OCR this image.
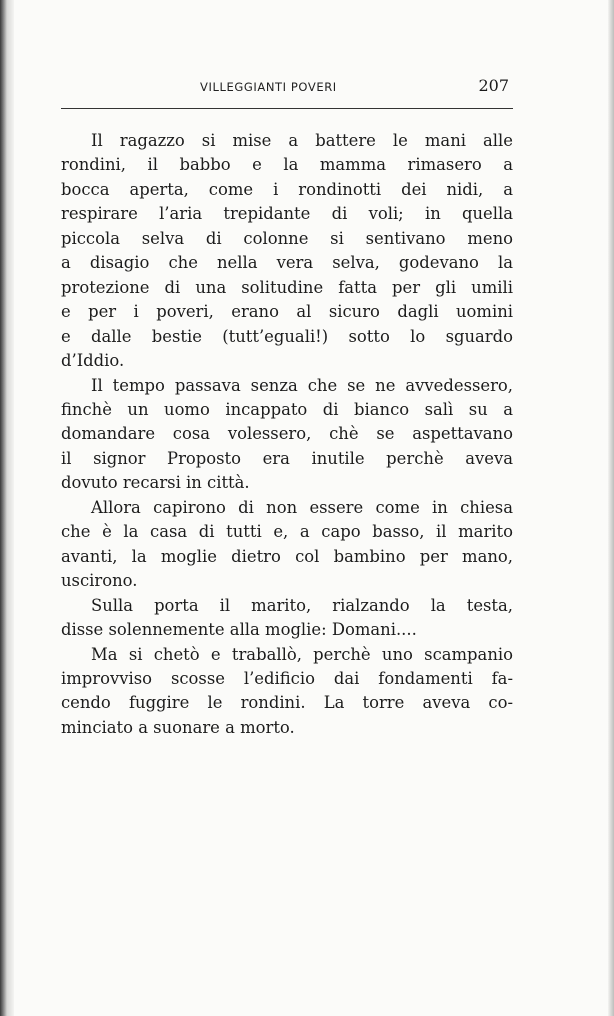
VILLEGGIANTI POVERI	207

Il ragazzo si mise a battere le mani alle
rondini, il babbo e la mamma rimasero a
bocca aperta, come i rondinotti dei nidi, a
respirare l’aria trepidante di voli; in quella
piccola selva di colonne si sentivano meno
a disagio che nella vera selva, godevano la
protezione di una solitudine fatta per gli umili
e per i poveri, erano al sicuro dagli uomini
e dalle bestie (tutt’eguali!) sotto lo sguardo
d’Iddio.

Il tempo passava senza che se ne avvedessero,
finchè un uomo incappato di bianco salì su a
domandare cosa volessero, chè se aspettavano
il signor Proposto era inutile perchè aveva
dovuto recarsi in città.

Allora capirono di non essere come in chiesa
che è la casa di tutti e, a capo basso, il marito
avanti, la moglie dietro col bambino per mano,
uscirono.

Sulla porta il marito, rialzando la testa,
disse solennemente alla moglie: Domani....

Ma si chetò e traballò, perchè uno scampanio
improvviso scosse l’edificio dai fondamenti fa-
cendo fuggire le rondini. La torre aveva co-
minciato a suonare a morto.
